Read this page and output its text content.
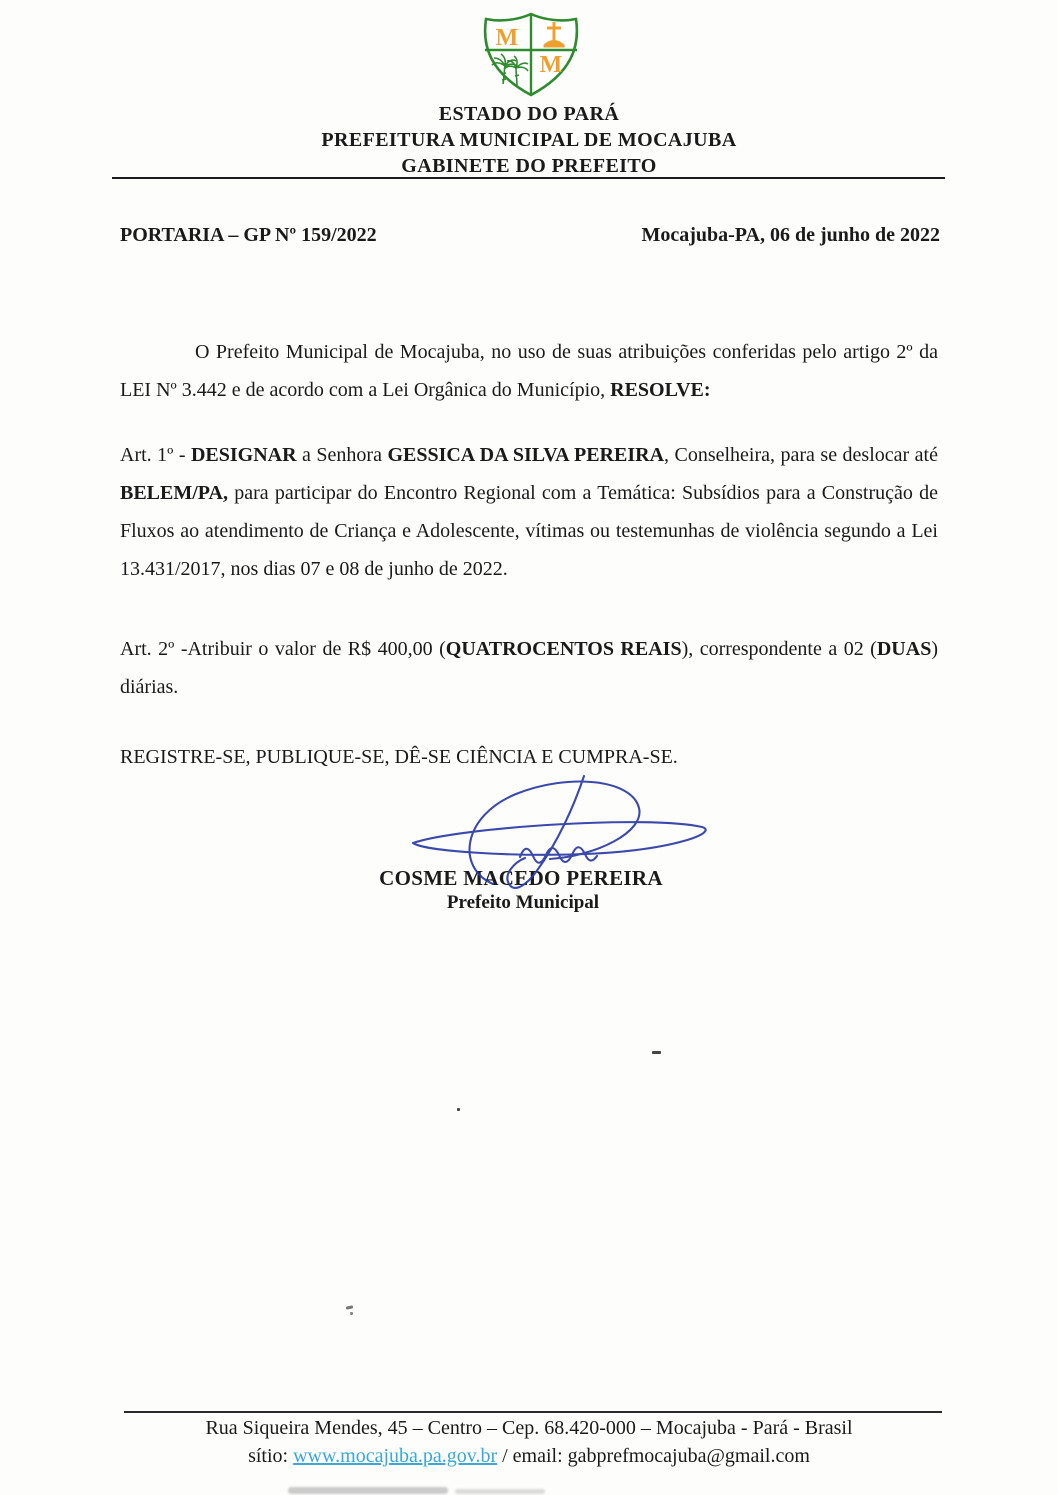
M
M
ESTADO DO PARÁ
PREFEITURA MUNICIPAL DE MOCAJUBA
GABINETE DO PREFEITO
PORTARIA – GP Nº 159/2022	Mocajuba-PA, 06 de junho de 2022

O Prefeito Municipal de Mocajuba, no uso de suas atribuições conferidas pelo artigo 2º da LEI Nº 3.442 e de acordo com a Lei Orgânica do Município, RESOLVE:

Art. 1º - DESIGNAR a Senhora GESSICA DA SILVA PEREIRA, Conselheira, para se deslocar até BELEM/PA, para participar do Encontro Regional com a Temática: Subsídios para a Construção de Fluxos ao atendimento de Criança e Adolescente, vítimas ou testemunhas de violência segundo a Lei 13.431/2017, nos dias 07 e 08 de junho de 2022.

Art. 2º -Atribuir o valor de R$ 400,00 (QUATROCENTOS REAIS), correspondente a 02 (DUAS) diárias.

REGISTRE-SE, PUBLIQUE-SE, DÊ-SE CIÊNCIA E CUMPRA-SE.

COSME MACEDO PEREIRA
Prefeito Municipal
Rua Siqueira Mendes, 45 – Centro – Cep. 68.420-000 – Mocajuba - Pará - Brasil
sítio: www.mocajuba.pa.gov.br / email: gabprefmocajuba@gmail.com
